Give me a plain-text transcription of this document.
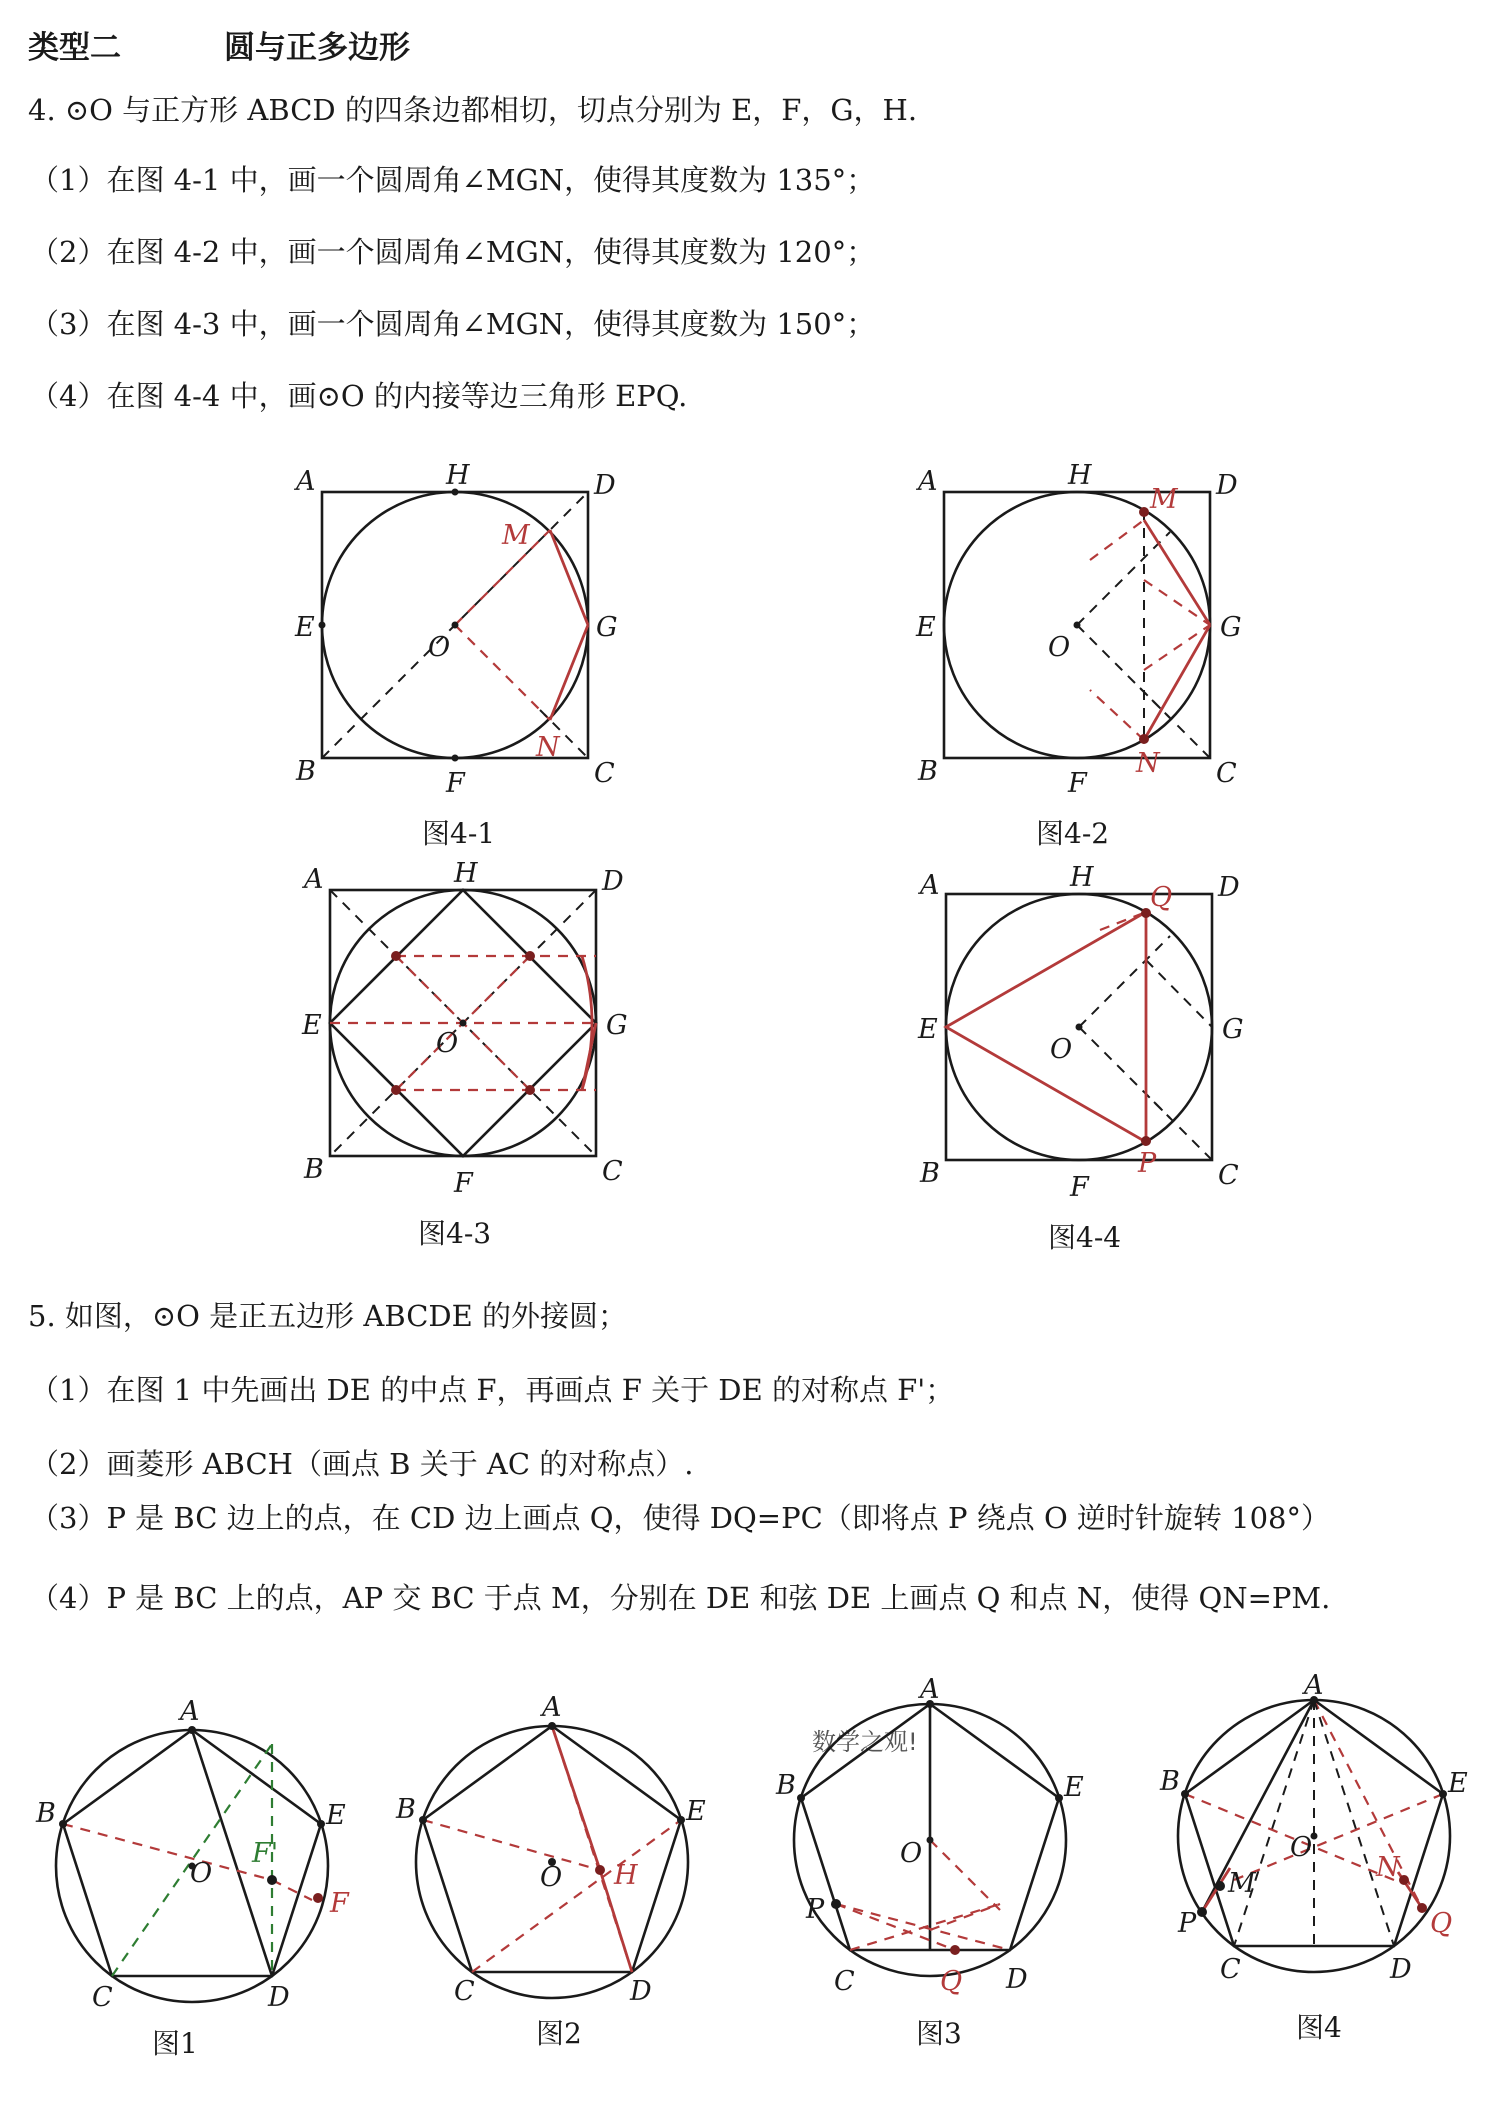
类型二	圆与正多边形
4. ⊙O 与正方形 ABCD 的四条边都相切，切点分别为 E，F，G，H.
（1）在图 4-1 中，画一个圆周角∠MGN，使得其度数为 135°；
（2）在图 4-2 中，画一个圆周角∠MGN，使得其度数为 120°；
（3）在图 4-3 中，画一个圆周角∠MGN，使得其度数为 150°；
（4）在图 4-4 中，画⊙O 的内接等边三角形 EPQ.
5. 如图，⊙O 是正五边形 ABCDE 的外接圆；
（1）在图 1 中先画出 DE 的中点 F，再画点 F 关于 DE 的对称点 F'；
（2）画菱形 ABCH（画点 B 关于 AC 的对称点）.
（3）P 是 BC 边上的点，在 CD 边上画点 Q，使得 DQ=PC（即将点 P 绕点 O 逆时针旋转 108°）
（4）P 是 BC 上的点，AP 交 BC 于点 M，分别在 DE 和弦 DE 上画点 Q 和点 N，使得 QN=PM.
图4-1	图4-2
图4-3	图4-4
图1	图2	图3	图4
数学之观!
A	H	D
E	G
O
B	F	C
M
N
A	H	D
E	G
O
B	F	C
M
N
A	H	D
E	G
O
B	F	C
A	H	D
E	G
O
B	F	C
Q
P
A
B	E
O
C	D
F'
F
A
B	E
O H
C	D
A
B	E
O
P
C	D
Q
A
B	E
O
M
P
C	D
N
Q
